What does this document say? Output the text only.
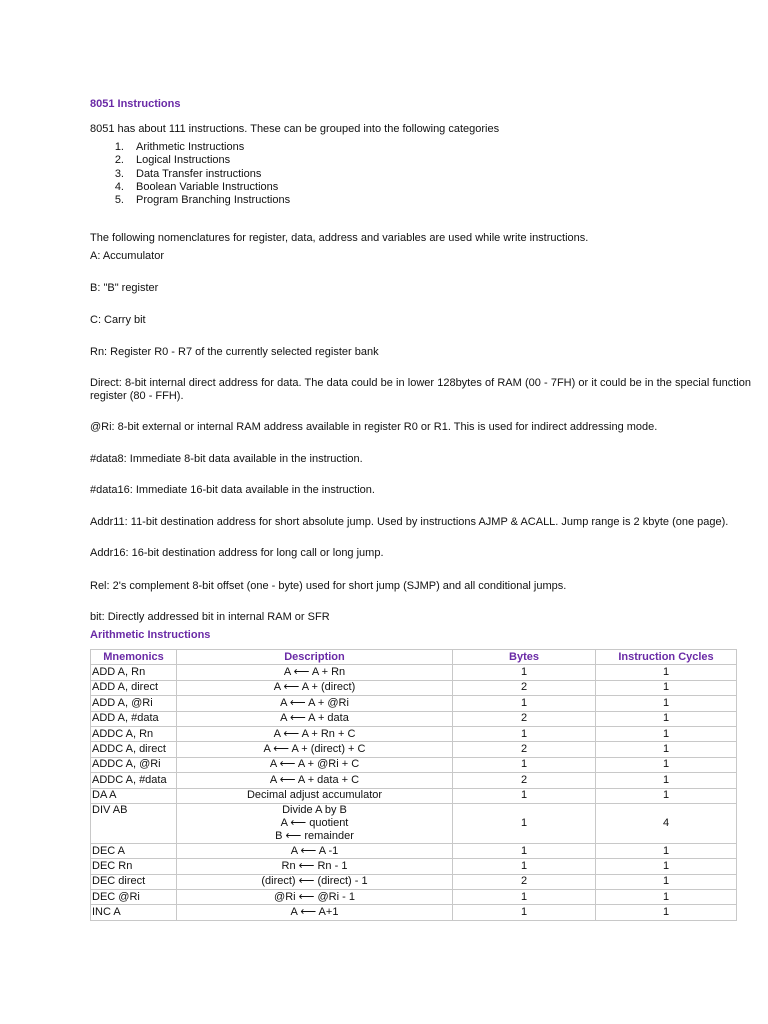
8051 Instructions
8051 has about 111 instructions. These can be grouped into the following categories
1. Arithmetic Instructions
2. Logical Instructions
3. Data Transfer instructions
4. Boolean Variable Instructions
5. Program Branching Instructions
The following nomenclatures for register, data, address and variables are used while write instructions.
A: Accumulator
B: "B" register
C: Carry bit
Rn: Register R0 - R7 of the currently selected register bank
Direct: 8-bit internal direct address for data. The data could be in lower 128bytes of RAM (00 - 7FH) or it could be in the special function register (80 - FFH).
@Ri: 8-bit external or internal RAM address available in register R0 or R1. This is used for indirect addressing mode.
#data8: Immediate 8-bit data available in the instruction.
#data16: Immediate 16-bit data available in the instruction.
Addr11: 11-bit destination address for short absolute jump. Used by instructions AJMP & ACALL. Jump range is 2 kbyte (one page).
Addr16: 16-bit destination address for long call or long jump.
Rel: 2's complement 8-bit offset (one - byte) used for short jump (SJMP) and all conditional jumps.
bit: Directly addressed bit in internal RAM or SFR
Arithmetic Instructions
Mnemonics	Description	Bytes	Instruction Cycles
ADD A, Rn	A ⟵ A + Rn	1	1
ADD A, direct	A ⟵ A + (direct)	2	1
ADD A, @Ri	A ⟵ A + @Ri	1	1
ADD A, #data	A ⟵ A + data	2	1
ADDC A, Rn	A ⟵ A + Rn + C	1	1
ADDC A, direct	A ⟵ A + (direct) + C	2	1
ADDC A, @Ri	A ⟵ A + @Ri + C	1	1
ADDC A, #data	A ⟵ A + data + C	2	1
DA A	Decimal adjust accumulator	1	1
DIV AB	Divide A by B
A ⟵ quotient
B ⟵ remainder	1	4
DEC A	A ⟵ A -1	1	1
DEC Rn	Rn ⟵ Rn - 1	1	1
DEC direct	(direct) ⟵ (direct) - 1	2	1
DEC @Ri	@Ri ⟵ @Ri - 1	1	1
INC A	A ⟵ A+1	1	1
